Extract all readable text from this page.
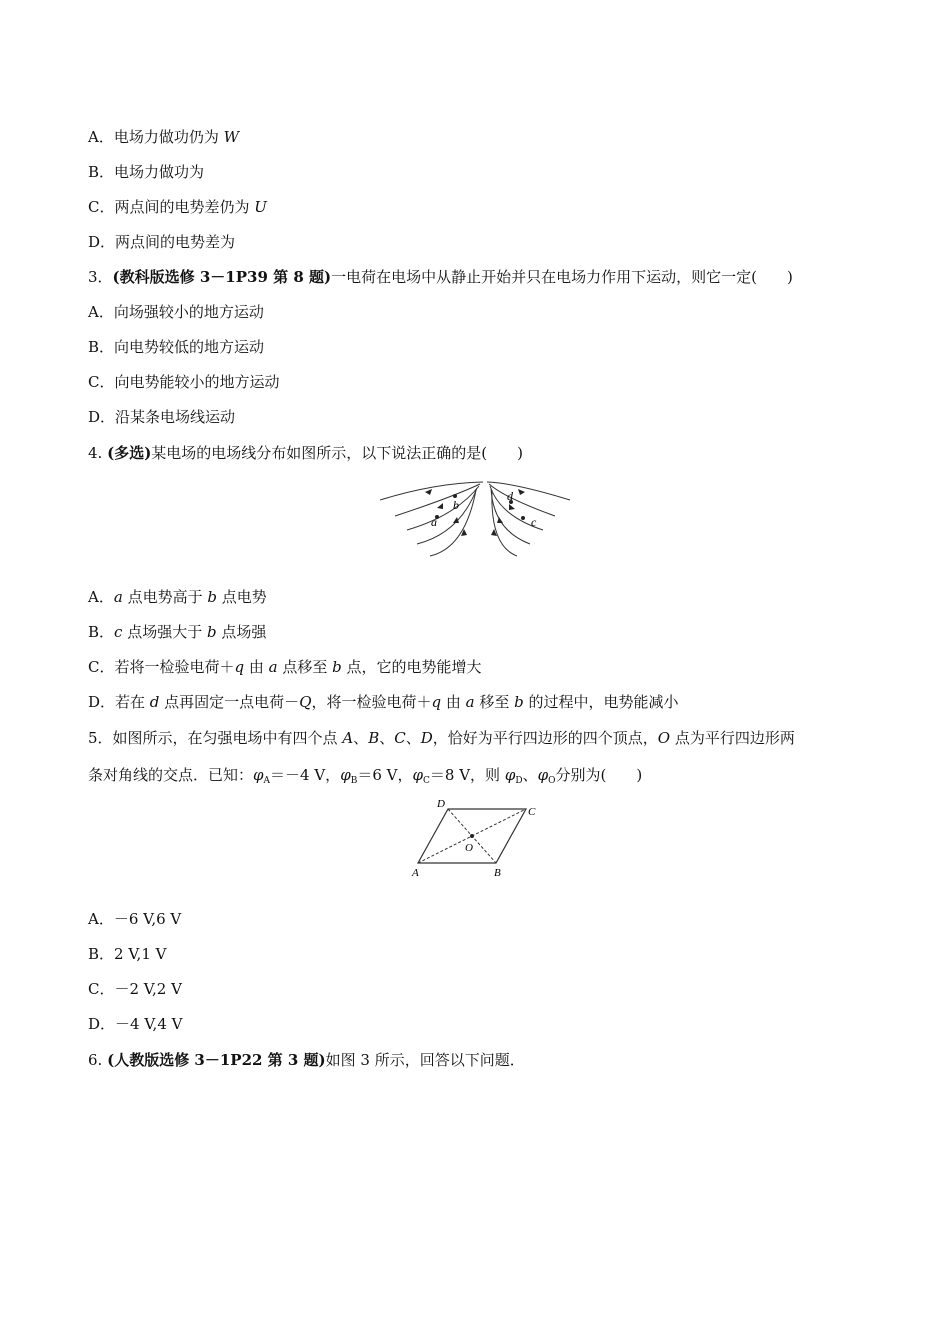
A．电场力做功仍为 W
B．电场力做功为
C．两点间的电势差仍为 U
D．两点间的电势差为
3．(教科版选修 3－1P39 第 8 题)一电荷在电场中从静止开始并只在电场力作用下运动，则它一定(　　)
A．向场强较小的地方运动
B．向电势较低的地方运动
C．向电势能较小的地方运动
D．沿某条电场线运动
4. (多选)某电场的电场线分布如图所示，以下说法正确的是(　　)
a
b
c
d
A．a 点电势高于 b 点电势
B．c 点场强大于 b 点场强
C．若将一检验电荷＋q 由 a 点移至 b 点，它的电势能增大
D．若在 d 点再固定一点电荷－Q，将一检验电荷＋q 由 a 移至 b 的过程中，电势能减小
5．如图所示，在匀强电场中有四个点 A、B、C、D，恰好为平行四边形的四个顶点，O 点为平行四边形两
条对角线的交点．已知：$\varphi_A=-4$ V，$\varphi_B=6$ V，$\varphi_C=8$ V，则 $\varphi_D$、$\varphi_O$分别为(　　)
A	B
C
D
O
A．－6 V,6 V
B．2 V,1 V
C．－2 V,2 V
D．－4 V,4 V
6. (人教版选修 3－1P22 第 3 题)如图 3 所示，回答以下问题．
